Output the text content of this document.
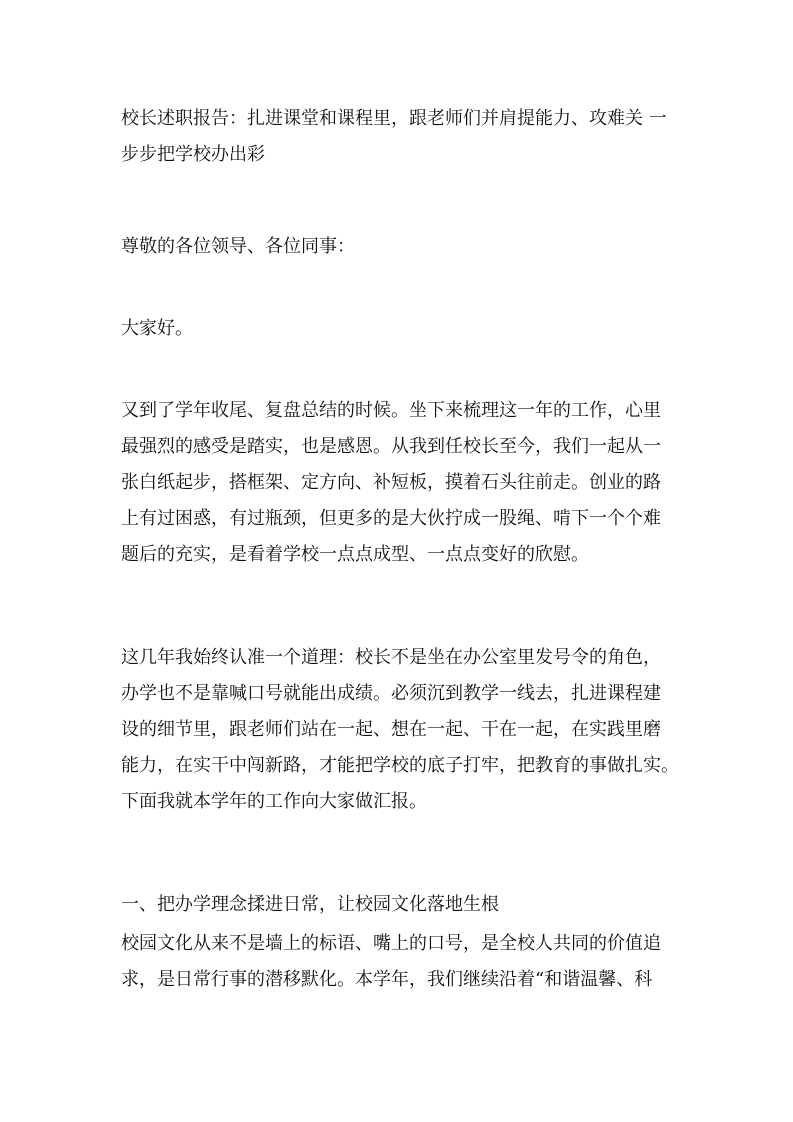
校长述职报告：扎进课堂和课程里，跟老师们并肩提能力、攻难关 一
步步把学校办出彩
尊敬的各位领导、各位同事：
大家好。
又到了学年收尾、复盘总结的时候。坐下来梳理这一年的工作，心里
最强烈的感受是踏实，也是感恩。从我到任校长至今，我们一起从一
张白纸起步，搭框架、定方向、补短板，摸着石头往前走。创业的路
上有过困惑，有过瓶颈，但更多的是大伙拧成一股绳、啃下一个个难
题后的充实，是看着学校一点点成型、一点点变好的欣慰。
这几年我始终认准一个道理：校长不是坐在办公室里发号令的角色，
办学也不是靠喊口号就能出成绩。必须沉到教学一线去，扎进课程建
设的细节里，跟老师们站在一起、想在一起、干在一起，在实践里磨
能力，在实干中闯新路，才能把学校的底子打牢，把教育的事做扎实。
下面我就本学年的工作向大家做汇报。
一、把办学理念揉进日常，让校园文化落地生根
校园文化从来不是墙上的标语、嘴上的口号，是全校人共同的价值追
求，是日常行事的潜移默化。本学年，我们继续沿着“和谐温馨、科
